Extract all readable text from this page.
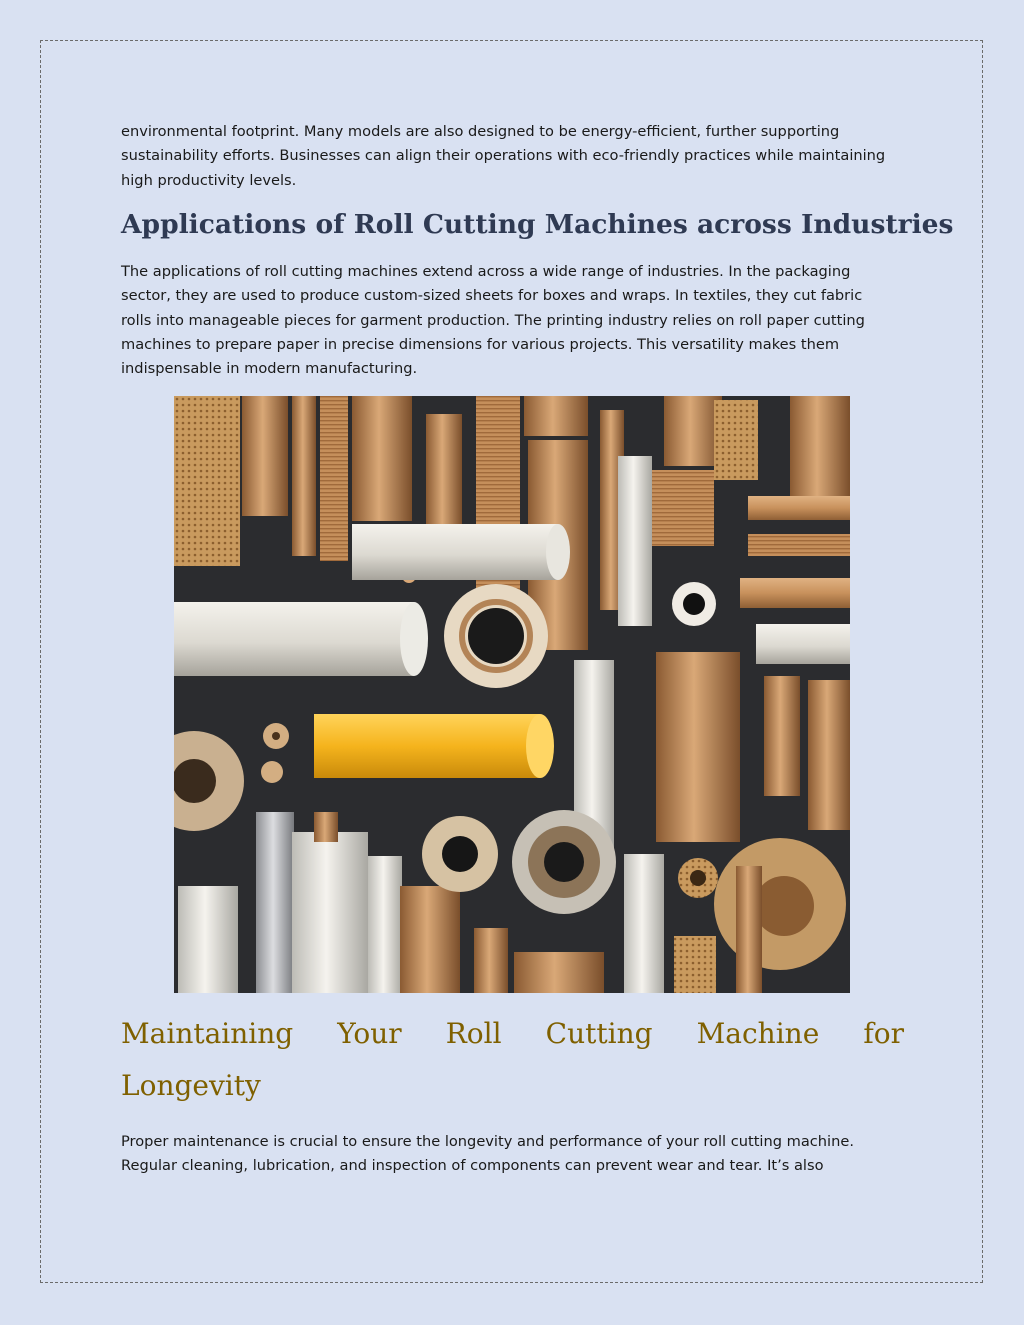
environmental footprint. Many models are also designed to be energy-efficient, further supporting sustainability efforts. Businesses can align their operations with eco-friendly practices while maintaining high productivity levels.

Applications of Roll Cutting Machines across Industries

The applications of roll cutting machines extend across a wide range of industries. In the packaging sector, they are used to produce custom-sized sheets for boxes and wraps. In textiles, they cut fabric rolls into manageable pieces for garment production. The printing industry relies on roll paper cutting machines to prepare paper in precise dimensions for various projects. This versatility makes them indispensable in modern manufacturing.

Maintaining Your Roll Cutting Machine for
Longevity

Proper maintenance is crucial to ensure the longevity and performance of your roll cutting machine. Regular cleaning, lubrication, and inspection of components can prevent wear and tear. It’s also
